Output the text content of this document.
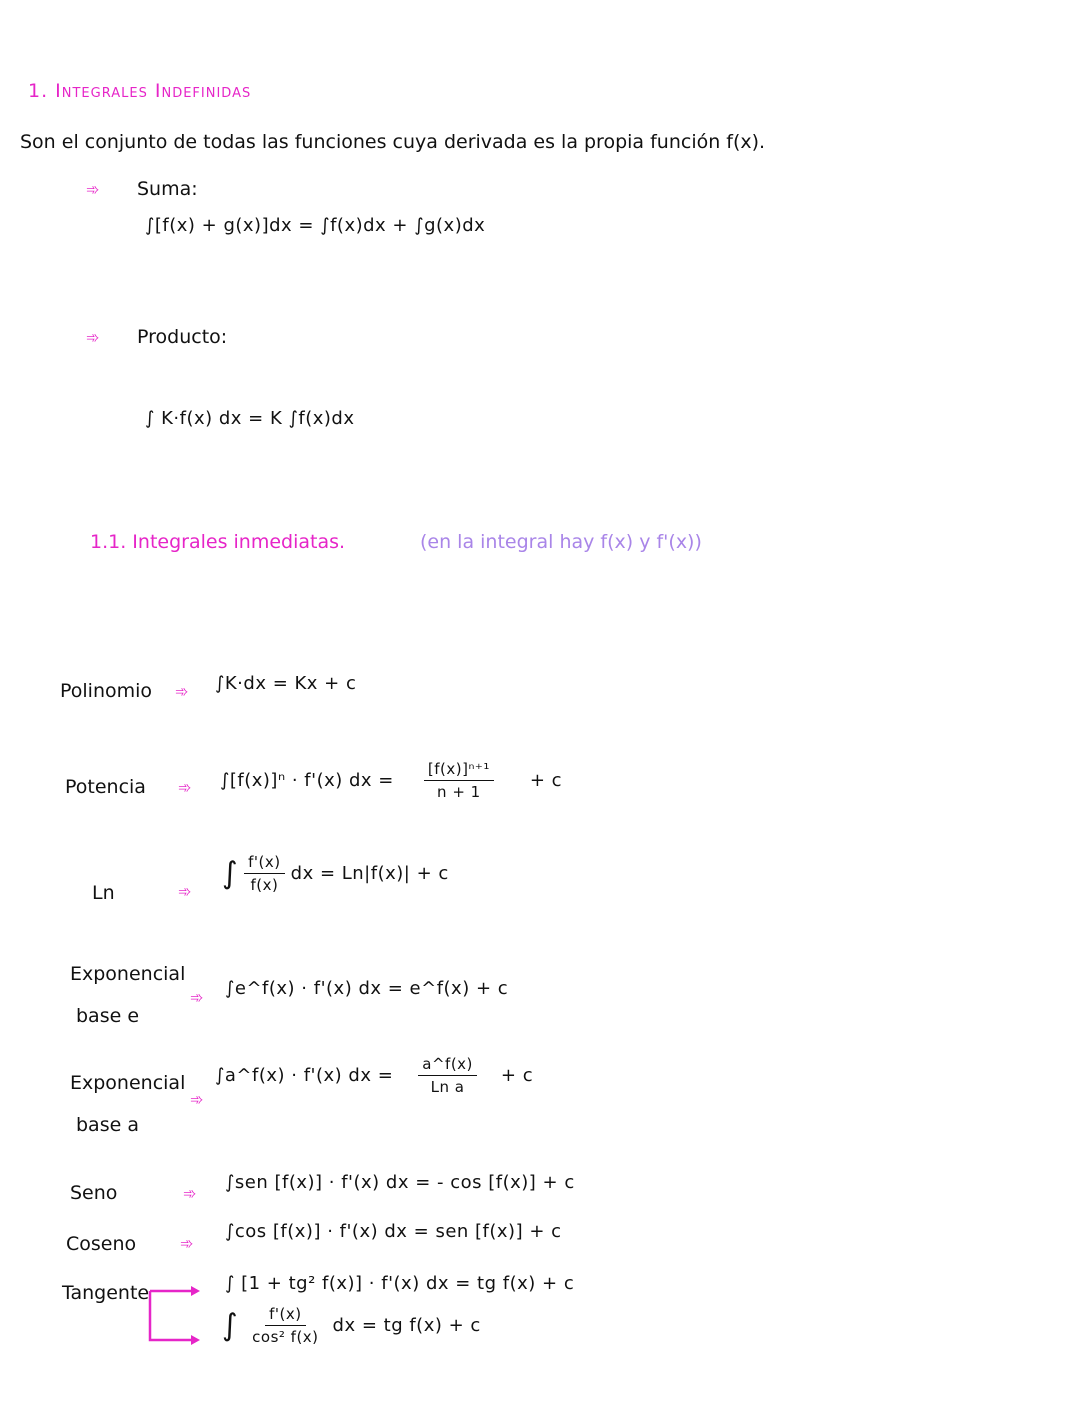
1. Integrales Indefinidas
Son el conjunto de todas las funciones cuya derivada es la propia función f(x).
➾ Suma:
∫[f(x) + g(x)]dx = ∫f(x)dx + ∫g(x)dx
➾ Producto:
∫ K·f(x) dx = K ∫f(x)dx
1.1. Integrales inmediatas.	(en la integral hay f(x) y f'(x))
Polinomio ➾ ∫K·dx = Kx + c
Potencia ➾ ∫[f(x)]ⁿ · f'(x) dx = $\frac{\text{[f(x)]ⁿ⁺¹}}{n + 1} + c$
Ln	➾
∫ $\frac{f'(x)}{f(x)}$ dx = Ln|f(x)| + c
Exponencial
base e
➾ ∫e^f(x) · f'(x) dx = e^f(x) + c
Exponencial
base a
➾
∫a^f(x) · f'(x) dx = $\frac{a\^{}f(x)}{\text{Ln a}} + c$
Seno	➾
∫sen [f(x)] · f'(x) dx = - cos [f(x)] + c
Coseno	➾
∫cos [f(x)] · f'(x) dx = sen [f(x)] + c
Tangente	∫ [1 + tg² f(x)] · f'(x) dx = tg f(x) + c
∫ $\frac{f'(x)}{\text{cos² f(x)}}$ dx = tg f(x) + c
